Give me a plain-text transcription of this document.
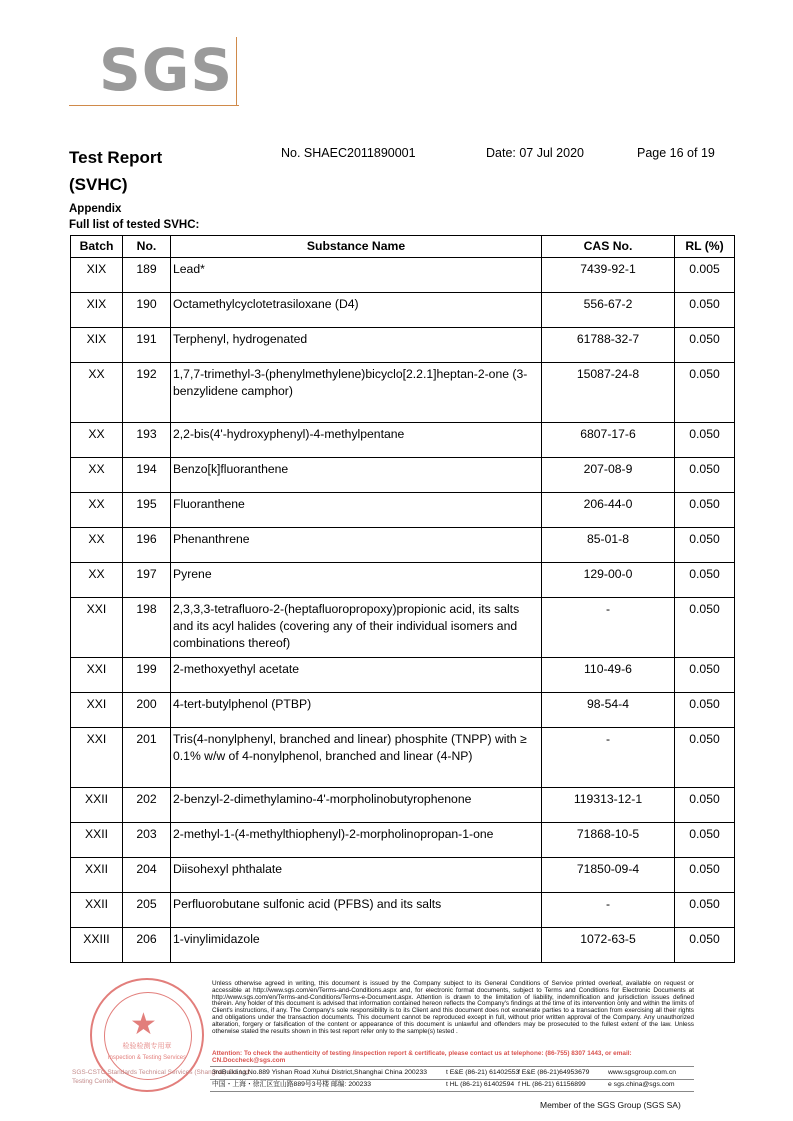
SGS
Test Report
(SVHC)
No. SHAEC2011890001	Date: 07 Jul 2020	Page 16 of 19
Appendix
Full list of tested SVHC:
Batch	No.	Substance Name	CAS No.	RL (%)
XIX	189	Lead*	7439-92-1	0.005
XIX	190	Octamethylcyclotetrasiloxane (D4)	556-67-2	0.050
XIX	191	Terphenyl, hydrogenated	61788-32-7	0.050
XX	192	1,7,7-trimethyl-3-(phenylmethylene)bicyclo[2.2.1]heptan-2-one (3-benzylidene camphor)	15087-24-8	0.050
XX	193	2,2-bis(4'-hydroxyphenyl)-4-methylpentane	6807-17-6	0.050
XX	194	Benzo[k]fluoranthene	207-08-9	0.050
XX	195	Fluoranthene	206-44-0	0.050
XX	196	Phenanthrene	85-01-8	0.050
XX	197	Pyrene	129-00-0	0.050
XXI	198	2,3,3,3-tetrafluoro-2-(heptafluoropropoxy)propionic acid, its salts and its acyl halides (covering any of their individual isomers and combinations thereof)	-	0.050
XXI	199	2-methoxyethyl acetate	110-49-6	0.050
XXI	200	4-tert-butylphenol (PTBP)	98-54-4	0.050
XXI	201	Tris(4-nonylphenyl, branched and linear) phosphite (TNPP) with ≥ 0.1% w/w of 4-nonylphenol, branched and linear (4-NP)	-	0.050
XXII	202	2-benzyl-2-dimethylamino-4'-morpholinobutyrophenone	119313-12-1	0.050
XXII	203	2-methyl-1-(4-methylthiophenyl)-2-morpholinopropan-1-one	71868-10-5	0.050
XXII	204	Diisohexyl phthalate	71850-09-4	0.050
XXII	205	Perfluorobutane sulfonic acid (PFBS) and its salts	-	0.050
XXIII	206	1-vinylimidazole	1072-63-5	0.050
★
检验检测专用章
Inspection & Testing Services
SGS-CSTC Standards Technical Services (Shanghai) Co.,Ltd.
Testing Center
Unless otherwise agreed in writing, this document is issued by the Company subject to its General Conditions of Service printed overleaf, available on request or accessible at http://www.sgs.com/en/Terms-and-Conditions.aspx and, for electronic format documents, subject to Terms and Conditions for Electronic Documents at http://www.sgs.com/en/Terms-and-Conditions/Terms-e-Document.aspx. Attention is drawn to the limitation of liability, indemnification and jurisdiction issues defined therein. Any holder of this document is advised that information contained hereon reflects the Company's findings at the time of its intervention only and within the limits of Client's instructions, if any. The Company's sole responsibility is to its Client and this document does not exonerate parties to a transaction from exercising all their rights and obligations under the transaction documents. This document cannot be reproduced except in full, without prior written approval of the Company. Any unauthorized alteration, forgery or falsification of the content or appearance of this document is unlawful and offenders may be prosecuted to the fullest extent of the law. Unless otherwise stated the results shown in this test report refer only to the sample(s) tested .
Attention: To check the authenticity of testing /inspection report & certificate, please contact us at telephone: (86-755) 8307 1443, or email: CN.Doccheck@sgs.com
3rdBuilding,No.889 Yishan Road Xuhui District,Shanghai China 200233	t E&E (86-21) 61402553
f E&E (86-21)64953679	www.sgsgroup.com.cn
中国・上海・徐汇区宜山路889号3号楼 邮编: 200233	t HL (86-21) 61402594 f HL (86-21) 61156899	e sgs.china@sgs.com
Member of the SGS Group (SGS SA)
